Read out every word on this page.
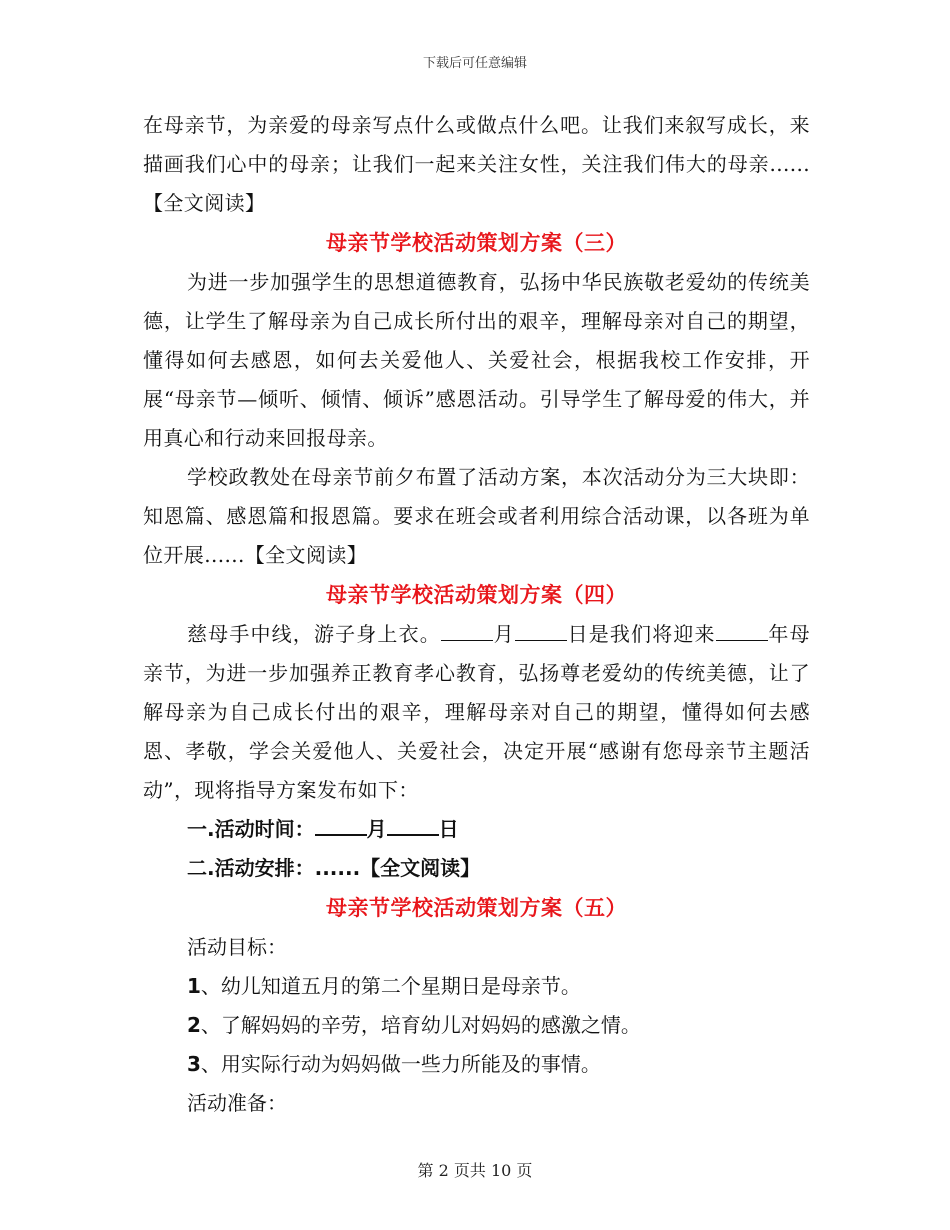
下载后可任意编辑

在母亲节，为亲爱的母亲写点什么或做点什么吧。让我们来叙写成长，来描画我们心中的母亲；让我们一起来关注女性，关注我们伟大的母亲......【全文阅读】

母亲节学校活动策划方案（三）

为进一步加强学生的思想道德教育，弘扬中华民族敬老爱幼的传统美德，让学生了解母亲为自己成长所付出的艰辛，理解母亲对自己的期望，懂得如何去感恩，如何去关爱他人、关爱社会，根据我校工作安排，开展“母亲节—倾听、倾情、倾诉”感恩活动。引导学生了解母爱的伟大，并用真心和行动来回报母亲。

学校政教处在母亲节前夕布置了活动方案，本次活动分为三大块即：知恩篇、感恩篇和报恩篇。要求在班会或者利用综合活动课，以各班为单位开展......【全文阅读】

母亲节学校活动策划方案（四）

慈母手中线，游子身上衣。	月	日是我们将迎来	年母亲节，为进一步加强养正教育孝心教育，弘扬尊老爱幼的传统美德，让了解母亲为自己成长付出的艰辛，理解母亲对自己的期望，懂得如何去感恩、孝敬，学会关爱他人、关爱社会，决定开展“感谢有您母亲节主题活动”，现将指导方案发布如下：

一.活动时间：	月	日
二.活动安排：......【全文阅读】
母亲节学校活动策划方案（五）
活动目标：
1、幼儿知道五月的第二个星期日是母亲节。
2、了解妈妈的辛劳，培育幼儿对妈妈的感激之情。
3、用实际行动为妈妈做一些力所能及的事情。
活动准备：
第 2 页共 10 页
